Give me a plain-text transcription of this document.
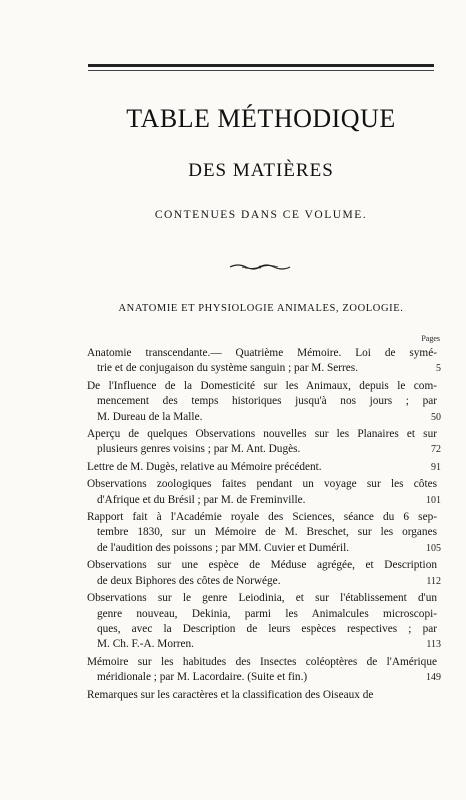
TABLE MÉTHODIQUE
DES MATIÈRES
CONTENUES DANS CE VOLUME.
ANATOMIE ET PHYSIOLOGIE ANIMALES, ZOOLOGIE.
Pages
Anatomie transcendante.— Quatrième Mémoire. Loi de symé-
trie et de conjugaison du système sanguin ; par M. Serres.	5
De l'Influence de la Domesticité sur les Animaux, depuis le com-
mencement des temps historiques jusqu'à nos jours ; par
M. Dureau de la Malle.	50
Aperçu de quelques Observations nouvelles sur les Planaires et sur
plusieurs genres voisins ; par M. Ant. Dugès.	72
Lettre de M. Dugès, relative au Mémoire précédent.	91
Observations zoologiques faites pendant un voyage sur les côtes
d'Afrique et du Brésil ; par M. de Freminville.	101
Rapport fait à l'Académie royale des Sciences, séance du 6 sep-
tembre 1830, sur un Mémoire de M. Breschet, sur les organes
de l'audition des poissons ; par MM. Cuvier et Duméril.	105
Observations sur une espèce de Méduse agrégée, et Description
de deux Biphores des côtes de Norwége.	112
Observations sur le genre Leiodinia, et sur l'établissement d'un
genre nouveau, Dekinia, parmi les Animalcules microscopi-
ques, avec la Description de leurs espèces respectives ; par
M. Ch. F.-A. Morren.	113
Mémoire sur les habitudes des Insectes coléoptères de l'Amérique
méridionale ; par M. Lacordaire. (Suite et fin.)	149
Remarques sur les caractères et la classification des Oiseaux de
